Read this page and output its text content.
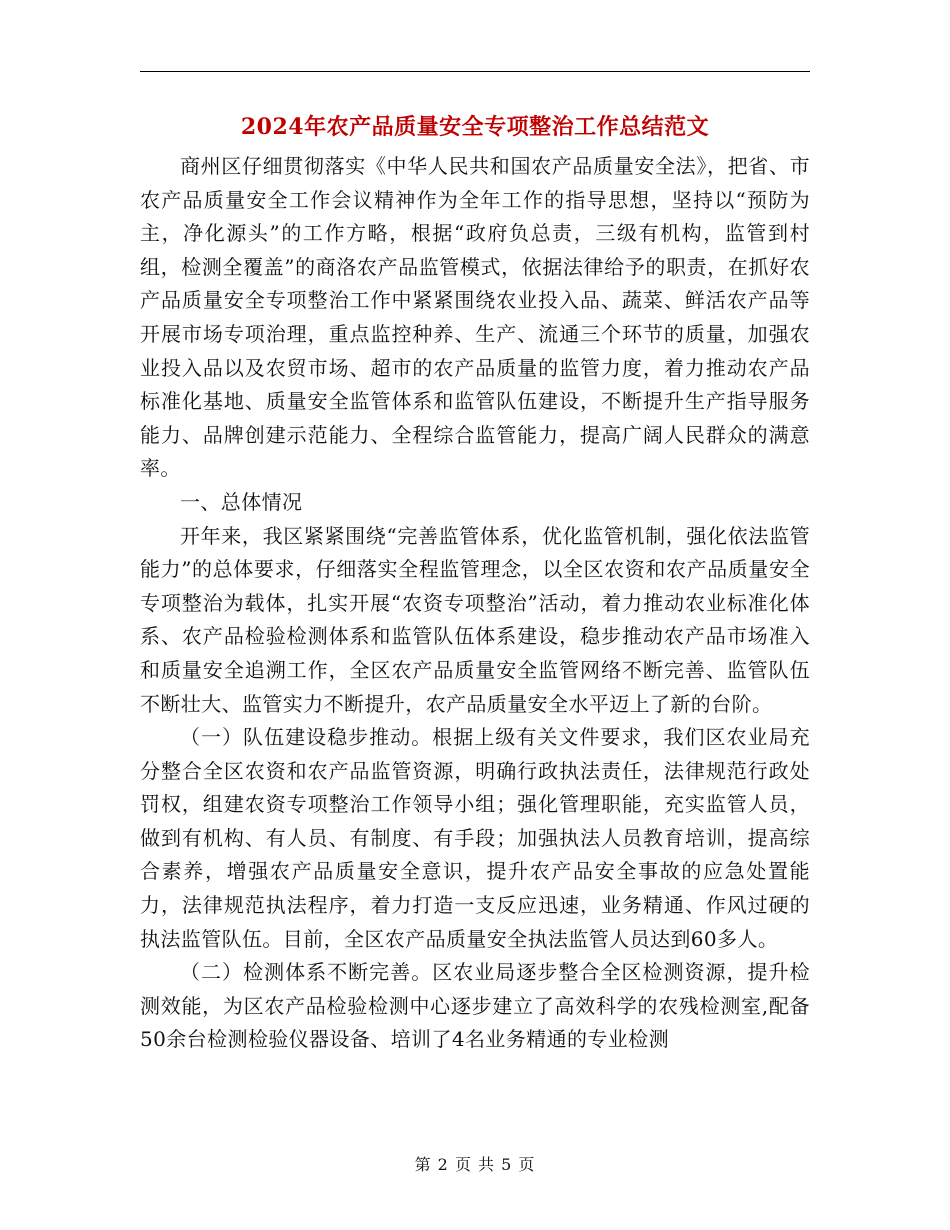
2024年农产品质量安全专项整治工作总结范文

商州区仔细贯彻落实《中华人民共和国农产品质量安全法》，把省、市农产品质量安全工作会议精神作为全年工作的指导思想，坚持以“预防为主，净化源头”的工作方略，根据“政府负总责，三级有机构，监管到村组，检测全覆盖”的商洛农产品监管模式，依据法律给予的职责，在抓好农产品质量安全专项整治工作中紧紧围绕农业投入品、蔬菜、鲜活农产品等开展市场专项治理，重点监控种养、生产、流通三个环节的质量，加强农业投入品以及农贸市场、超市的农产品质量的监管力度，着力推动农产品标准化基地、质量安全监管体系和监管队伍建设，不断提升生产指导服务能力、品牌创建示范能力、全程综合监管能力，提高广阔人民群众的满意率。

一、总体情况

开年来，我区紧紧围绕“完善监管体系，优化监管机制，强化依法监管能力”的总体要求，仔细落实全程监管理念，以全区农资和农产品质量安全专项整治为载体，扎实开展“农资专项整治”活动，着力推动农业标准化体系、农产品检验检测体系和监管队伍体系建设，稳步推动农产品市场准入和质量安全追溯工作，全区农产品质量安全监管网络不断完善、监管队伍不断壮大、监管实力不断提升，农产品质量安全水平迈上了新的台阶。

（一）队伍建设稳步推动。根据上级有关文件要求，我们区农业局充分整合全区农资和农产品监管资源，明确行政执法责任，法律规范行政处罚权，组建农资专项整治工作领导小组；强化管理职能，充实监管人员，做到有机构、有人员、有制度、有手段；加强执法人员教育培训，提高综合素养，增强农产品质量安全意识，提升农产品安全事故的应急处置能力，法律规范执法程序，着力打造一支反应迅速，业务精通、作风过硬的执法监管队伍。目前，全区农产品质量安全执法监管人员达到60多人。

（二）检测体系不断完善。区农业局逐步整合全区检测资源，提升检测效能，为区农产品检验检测中心逐步建立了高效科学的农残检测室,配备50余台检测检验仪器设备、培训了4名业务精通的专业检测

第 2 页 共 5 页
